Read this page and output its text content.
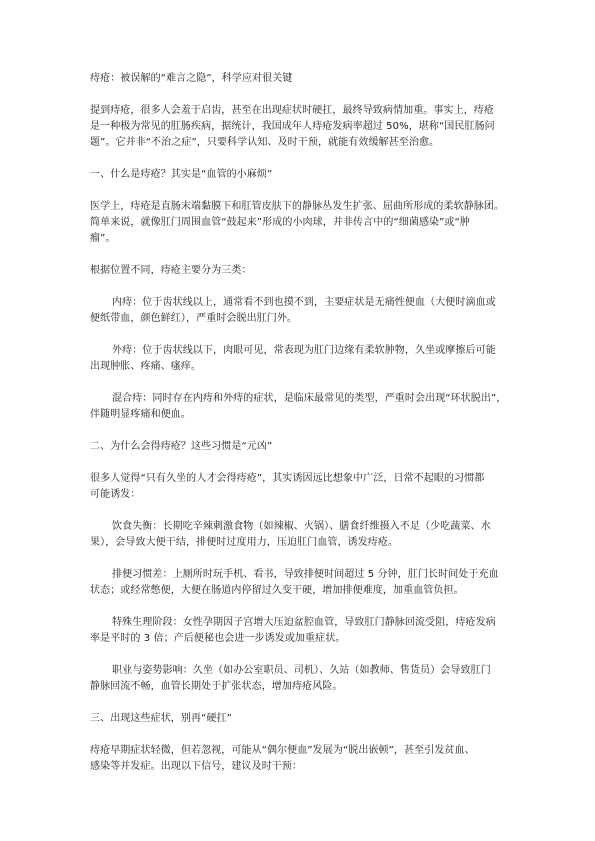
痔疮：被误解的“难言之隐”，科学应对很关键
提到痔疮，很多人会羞于启齿，甚至在出现症状时硬扛，最终导致病情加重。事实上，痔疮
是一种极为常见的肛肠疾病，据统计，我国成年人痔疮发病率超过 50%，堪称“国民肛肠问
题”。它并非“不治之症”，只要科学认知、及时干预，就能有效缓解甚至治愈。
一、什么是痔疮？其实是“血管的小麻烦”
医学上，痔疮是直肠末端黏膜下和肛管皮肤下的静脉丛发生扩张、屈曲所形成的柔软静脉团。
简单来说，就像肛门周围血管“鼓起来”形成的小肉球，并非传言中的“细菌感染”或“肿
瘤”。
根据位置不同，痔疮主要分为三类：
内痔：位于齿状线以上，通常看不到也摸不到，主要症状是无痛性便血（大便时滴血或
便纸带血，颜色鲜红），严重时会脱出肛门外。
外痔：位于齿状线以下，肉眼可见，常表现为肛门边缘有柔软肿物，久坐或摩擦后可能
出现肿胀、疼痛、瘙痒。
混合痔：同时存在内痔和外痔的症状，是临床最常见的类型，严重时会出现“环状脱出”，
伴随明显疼痛和便血。
二、为什么会得痔疮？这些习惯是“元凶”
很多人觉得“只有久坐的人才会得痔疮”，其实诱因远比想象中广泛，日常不起眼的习惯都
可能诱发：
饮食失衡：长期吃辛辣刺激食物（如辣椒、火锅）、膳食纤维摄入不足（少吃蔬菜、水
果），会导致大便干结，排便时过度用力，压迫肛门血管，诱发痔疮。
排便习惯差：上厕所时玩手机、看书，导致排便时间超过 5 分钟，肛门长时间处于充血
状态；或经常憋便，大便在肠道内停留过久变干硬，增加排便难度，加重血管负担。
特殊生理阶段：女性孕期因子宫增大压迫盆腔血管，导致肛门静脉回流受阻，痔疮发病
率是平时的 3 倍；产后便秘也会进一步诱发或加重症状。
职业与姿势影响：久坐（如办公室职员、司机）、久站（如教师、售货员）会导致肛门
静脉回流不畅，血管长期处于扩张状态，增加痔疮风险。
三、出现这些症状，别再“硬扛”
痔疮早期症状轻微，但若忽视，可能从“偶尔便血”发展为“脱出嵌顿”，甚至引发贫血、
感染等并发症。出现以下信号，建议及时干预：
